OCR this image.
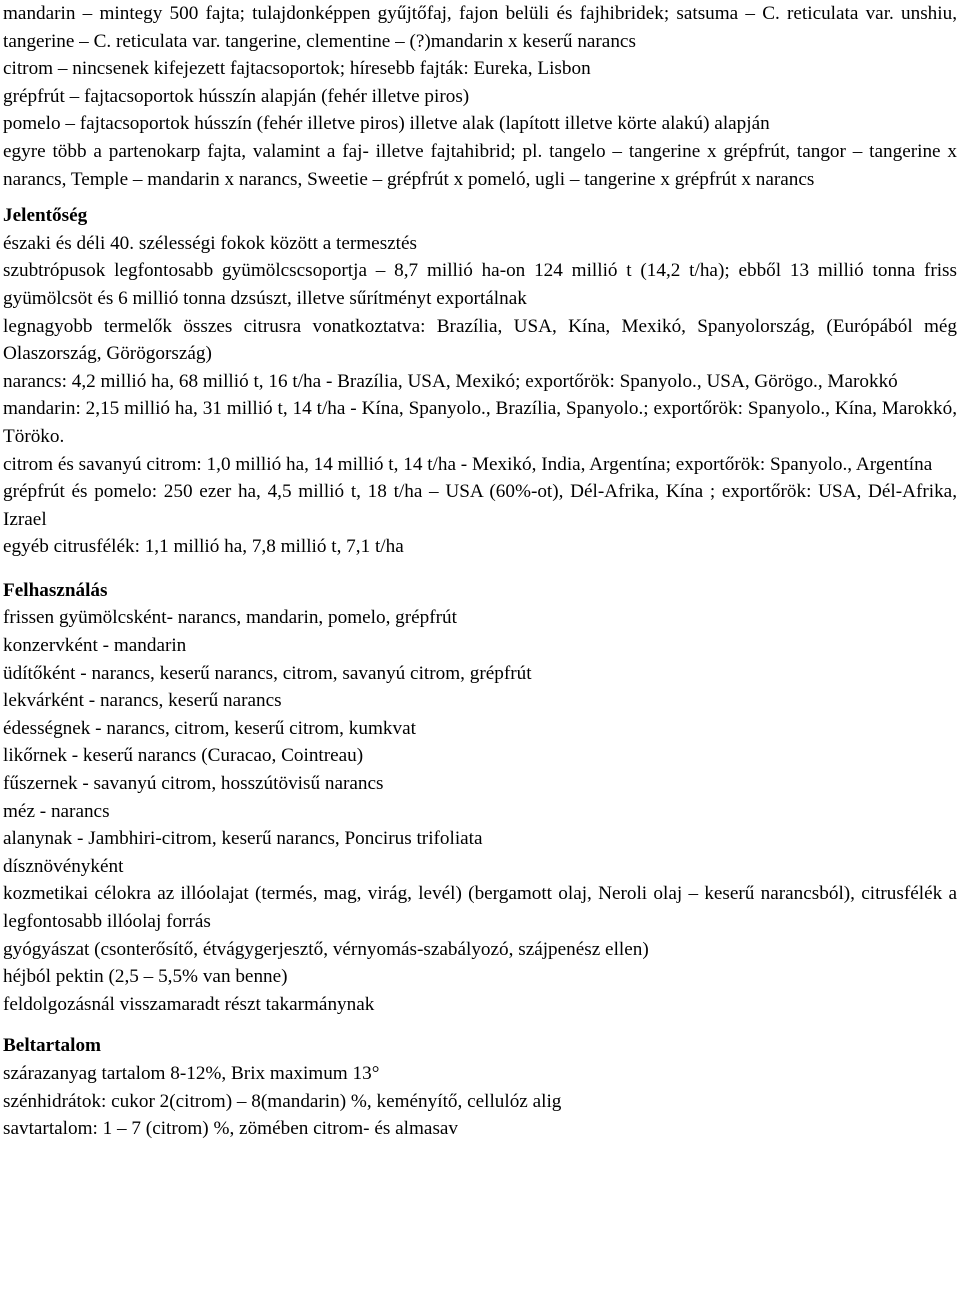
mandarin – mintegy 500 fajta; tulajdonképpen gyűjtőfaj, fajon belüli és fajhibridek; satsuma – C. reticulata var. unshiu, tangerine – C. reticulata var. tangerine, clementine – (?)mandarin x keserű narancs

citrom – nincsenek kifejezett fajtacsoportok; híresebb fajták: Eureka, Lisbon

grépfrút – fajtacsoportok hússzín alapján (fehér illetve piros)

pomelo – fajtacsoportok hússzín (fehér illetve piros) illetve alak (lapított illetve körte alakú) alapján

egyre több a partenokarp fajta, valamint a faj- illetve fajtahibrid; pl. tangelo – tangerine x grépfrút, tangor – tangerine x narancs, Temple – mandarin x narancs, Sweetie – grépfrút x pomeló, ugli – tangerine x grépfrút x narancs

Jelentőség

északi és déli 40. szélességi fokok között a termesztés

szubtrópusok legfontosabb gyümölcscsoportja – 8,7 millió ha-on 124 millió t (14,2 t/ha); ebből 13 millió tonna friss gyümölcsöt és 6 millió tonna dzsúszt, illetve sűrítményt exportálnak

legnagyobb termelők összes citrusra vonatkoztatva: Brazília, USA, Kína, Mexikó, Spanyolország, (Európából még Olaszország, Görögország)

narancs: 4,2 millió ha, 68 millió t, 16 t/ha - Brazília, USA, Mexikó; exportőrök: Spanyolo., USA, Görögo., Marokkó

mandarin: 2,15 millió ha, 31 millió t, 14 t/ha - Kína, Spanyolo., Brazília, Spanyolo.; exportőrök: Spanyolo., Kína, Marokkó, Töröko.

citrom és savanyú citrom: 1,0 millió ha, 14 millió t, 14 t/ha - Mexikó, India, Argentína; exportőrök: Spanyolo., Argentína

grépfrút és pomelo: 250 ezer ha, 4,5 millió t, 18 t/ha – USA (60%-ot), Dél-Afrika, Kína ; exportőrök: USA, Dél-Afrika, Izrael

egyéb citrusfélék: 1,1 millió ha, 7,8 millió t, 7,1 t/ha

Felhasználás

frissen gyümölcsként- narancs, mandarin, pomelo, grépfrút

konzervként - mandarin

üdítőként - narancs, keserű narancs, citrom, savanyú citrom, grépfrút

lekvárként - narancs, keserű narancs

édességnek - narancs, citrom, keserű citrom, kumkvat

likőrnek - keserű narancs (Curacao, Cointreau)

fűszernek - savanyú citrom, hosszútövisű narancs

méz - narancs

alanynak - Jambhiri-citrom, keserű narancs, Poncirus trifoliata

dísznövényként

kozmetikai célokra az illóolajat (termés, mag, virág, levél) (bergamott olaj, Neroli olaj – keserű narancsból), citrusfélék a legfontosabb illóolaj forrás

gyógyászat (csonterősítő, étvágygerjesztő, vérnyomás-szabályozó, szájpenész ellen)

héjból pektin (2,5 – 5,5% van benne)

feldolgozásnál visszamaradt részt takarmánynak

Beltartalom

szárazanyag tartalom 8-12%, Brix maximum 13°

szénhidrátok: cukor 2(citrom) – 8(mandarin) %, keményítő, cellulóz alig

savtartalom: 1 – 7 (citrom) %, zömében citrom- és almasav
